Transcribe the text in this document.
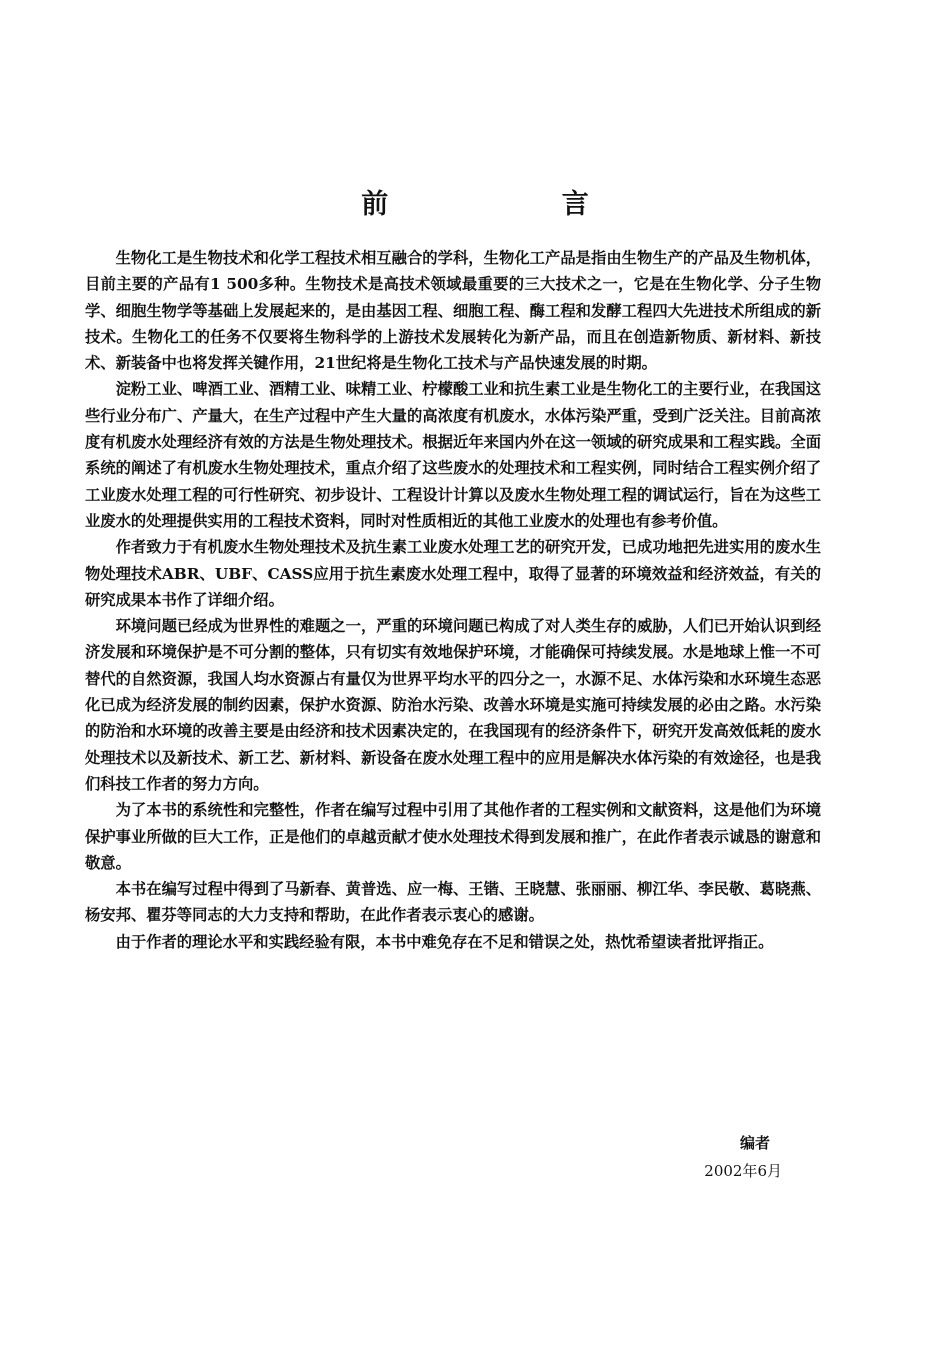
前 言

生物化工是生物技术和化学工程技术相互融合的学科，生物化工产品是指由生物生产的产品及生物机体，目前主要的产品有1 500多种。生物技术是高技术领域最重要的三大技术之一，它是在生物化学、分子生物学、细胞生物学等基础上发展起来的，是由基因工程、细胞工程、酶工程和发酵工程四大先进技术所组成的新技术。生物化工的任务不仅要将生物科学的上游技术发展转化为新产品，而且在创造新物质、新材料、新技术、新装备中也将发挥关键作用，21世纪将是生物化工技术与产品快速发展的时期。

淀粉工业、啤酒工业、酒精工业、味精工业、柠檬酸工业和抗生素工业是生物化工的主要行业，在我国这些行业分布广、产量大，在生产过程中产生大量的高浓度有机废水，水体污染严重，受到广泛关注。目前高浓度有机废水处理经济有效的方法是生物处理技术。根据近年来国内外在这一领域的研究成果和工程实践。全面系统的阐述了有机废水生物处理技术，重点介绍了这些废水的处理技术和工程实例，同时结合工程实例介绍了工业废水处理工程的可行性研究、初步设计、工程设计计算以及废水生物处理工程的调试运行，旨在为这些工业废水的处理提供实用的工程技术资料，同时对性质相近的其他工业废水的处理也有参考价值。

作者致力于有机废水生物处理技术及抗生素工业废水处理工艺的研究开发，已成功地把先进实用的废水生物处理技术ABR、UBF、CASS应用于抗生素废水处理工程中，取得了显著的环境效益和经济效益，有关的研究成果本书作了详细介绍。

环境问题已经成为世界性的难题之一，严重的环境问题已构成了对人类生存的威胁，人们已开始认识到经济发展和环境保护是不可分割的整体，只有切实有效地保护环境，才能确保可持续发展。水是地球上惟一不可替代的自然资源，我国人均水资源占有量仅为世界平均水平的四分之一，水源不足、水体污染和水环境生态恶化已成为经济发展的制约因素，保护水资源、防治水污染、改善水环境是实施可持续发展的必由之路。水污染的防治和水环境的改善主要是由经济和技术因素决定的，在我国现有的经济条件下，研究开发高效低耗的废水处理技术以及新技术、新工艺、新材料、新设备在废水处理工程中的应用是解决水体污染的有效途径，也是我们科技工作者的努力方向。

为了本书的系统性和完整性，作者在编写过程中引用了其他作者的工程实例和文献资料，这是他们为环境保护事业所做的巨大工作，正是他们的卓越贡献才使水处理技术得到发展和推广，在此作者表示诚恳的谢意和敬意。

本书在编写过程中得到了马新春、黄普选、应一梅、王锴、王晓慧、张丽丽、柳江华、李民敬、葛晓燕、杨安邦、瞿芬等同志的大力支持和帮助，在此作者表示衷心的感谢。

由于作者的理论水平和实践经验有限，本书中难免存在不足和错误之处，热忱希望读者批评指正。

编者
2002年6月
